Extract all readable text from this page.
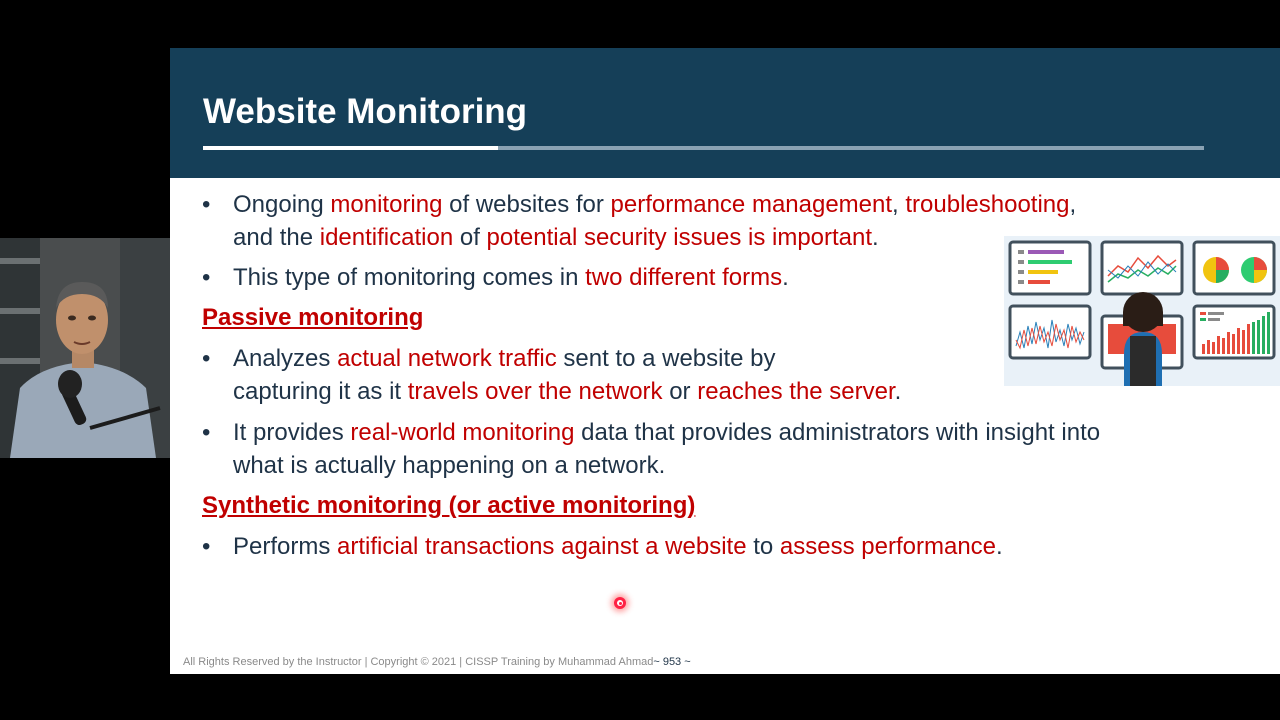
Website Monitoring
• Ongoing monitoring of websites for performance management, troubleshooting,
and the identification of potential security issues is important.
• This type of monitoring comes in two different forms.
Passive monitoring
• Analyzes actual network traffic sent to a website by
capturing it as it travels over the network or reaches the server.
• It provides real-world monitoring data that provides administrators with insight into
what is actually happening on a network.
Synthetic monitoring (or active monitoring)
• Performs artificial transactions against a website to assess performance.
All Rights Reserved by the Instructor | Copyright © 2021 | CISSP Training by Muhammad Ahmad~ 953 ~
